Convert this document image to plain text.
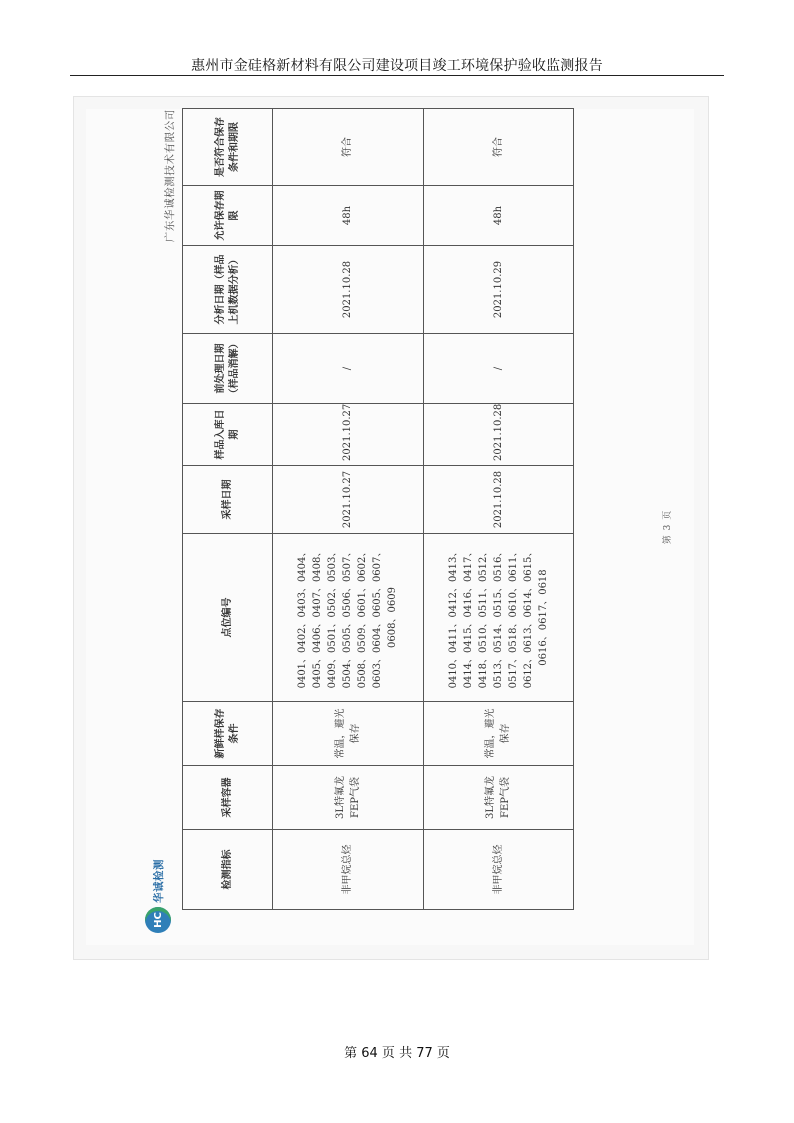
惠州市金硅格新材料有限公司建设项目竣工环境保护验收监测报告
HC
华诚检测
广东华诚检测技术有限公司
检测指标	采样容器	新鲜样保存条件	点位编号	采样日期	样品入库日期	前处理日期（样品消解）	分析日期（样品上机数据分析）	允许保存期限	是否符合保存条件和期限
非甲烷总烃	3L特氟龙FEP气袋	常温，避光保存	0401、0402、0403、0404、0405、0406、0407、0408、0409、0501、0502、0503、0504、0505、0506、0507、0508、0509、0601、0602、0603、0604、0605、0607、0608、0609	2021.10.27	2021.10.27	/	2021.10.28	48h	符合
非甲烷总烃	3L特氟龙FEP气袋	常温，避光保存	0410、0411、0412、0413、0414、0415、0416、0417、0418、0510、0511、0512、0513、0514、0515、0516、0517、0518、0610、0611、0612、0613、0614、0615、0616、0617、0618	2021.10.28	2021.10.28	/	2021.10.29	48h	符合
第 3 页
第 64 页 共 77 页
